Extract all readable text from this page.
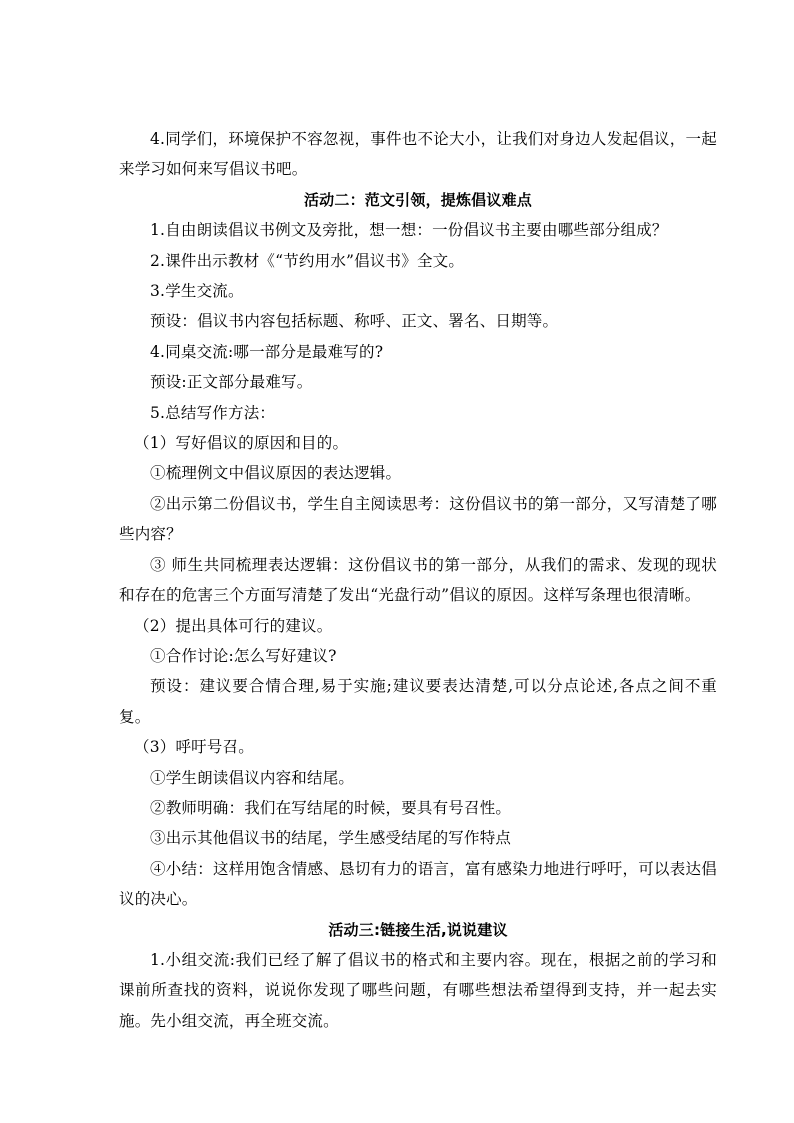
4.同学们，环境保护不容忽视，事件也不论大小，让我们对身边人发起倡议，一起来学习如何来写倡议书吧。

活动二：范文引领，提炼倡议难点

1.自由朗读倡议书例文及旁批，想一想：一份倡议书主要由哪些部分组成？

2.课件出示教材《“节约用水”倡议书》全文。

3.学生交流。

预设：倡议书内容包括标题、称呼、正文、署名、日期等。

4.同桌交流:哪一部分是最难写的?

预设:正文部分最难写。

5.总结写作方法：

（1）写好倡议的原因和目的。

①梳理例文中倡议原因的表达逻辑。

②出示第二份倡议书，学生自主阅读思考：这份倡议书的第一部分，又写清楚了哪些内容？

③ 师生共同梳理表达逻辑：这份倡议书的第一部分，从我们的需求、发现的现状和存在的危害三个方面写清楚了发出“光盘行动”倡议的原因。这样写条理也很清晰。

（2）提出具体可行的建议。

①合作讨论:怎么写好建议?

预设：建议要合情合理,易于实施;建议要表达清楚,可以分点论述,各点之间不重复。

（3）呼吁号召。

①学生朗读倡议内容和结尾。

②教师明确：我们在写结尾的时候，要具有号召性。

③出示其他倡议书的结尾，学生感受结尾的写作特点

④小结：这样用饱含情感、恳切有力的语言，富有感染力地进行呼吁，可以表达倡议的决心。

活动三:链接生活,说说建议

1.小组交流:我们已经了解了倡议书的格式和主要内容。现在，根据之前的学习和课前所查找的资料，说说你发现了哪些问题，有哪些想法希望得到支持，并一起去实施。先小组交流，再全班交流。
